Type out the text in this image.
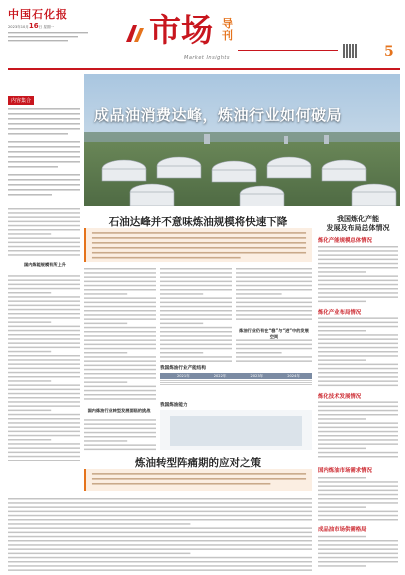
中国石化报
2023年10月16日 星期一	市场 导刊
Market Insights	5
内容集合
成品油消费达峰，炼油行业如何破局
石油达峰并不意味炼油规模将快速下降
国内炼能规模有所上升
国内炼油行业转型发展面临的挑战
炼油行业仍有在“稳”与“进”中的发展空间
我国炼油行业产能结构
	2021年	2022年	2023年	2024年

我国炼油能力
炼油转型阵痛期的应对之策
我国炼化产能
发展及布局总体情况
炼化产能规模总体情况
炼化产业布局情况
炼化技术发展情况
国内炼油市场需求情况
成品油市场供需格局
